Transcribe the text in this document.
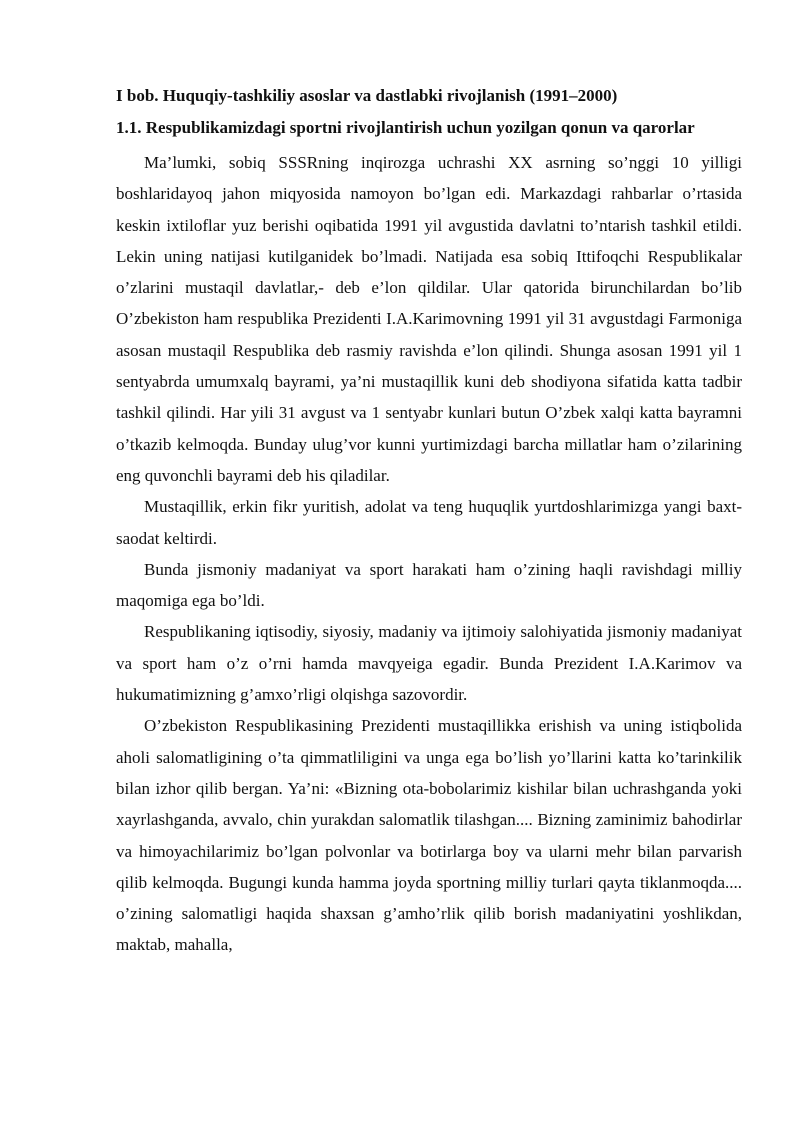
I bob. Huquqiy-tashkiliy asoslar va dastlabki rivojlanish (1991–2000)
1.1. Respublikamizdagi sportni rivojlantirish uchun yozilgan qonun va qarorlar

Ma’lumki, sobiq SSSRning inqirozga uchrashi XX asrning so’nggi 10 yilligi boshlaridayoq jahon miqyosida namoyon bo’lgan edi. Markazdagi rahbarlar o’rtasida keskin ixtiloflar yuz berishi oqibatida 1991 yil avgustida davlatni to’ntarish tashkil etildi. Lekin uning natijasi kutilganidek bo’lmadi. Natijada esa sobiq Ittifoqchi Respublikalar o’zlarini mustaqil davlatlar,- deb e’lon qildilar. Ular qatorida birunchilardan bo’lib O’zbekiston ham respublika Prezidenti I.A.Karimovning 1991 yil 31 avgustdagi Farmoniga asosan mustaqil Respublika deb rasmiy ravishda e’lon qilindi. Shunga asosan 1991 yil 1 sentyabrda umumxalq bayrami, ya’ni mustaqillik kuni deb shodiyona sifatida katta tadbir tashkil qilindi. Har yili 31 avgust va 1 sentyabr kunlari butun O’zbek xalqi katta bayramni o’tkazib kelmoqda. Bunday ulug’vor kunni yurtimizdagi barcha millatlar ham o’zilarining eng quvonchli bayrami deb his qiladilar.

Mustaqillik, erkin fikr yuritish, adolat va teng huquqlik yurtdoshlarimizga yangi baxt-saodat keltirdi.

Bunda jismoniy madaniyat va sport harakati ham o’zining haqli ravishdagi milliy maqomiga ega bo’ldi.

Respublikaning iqtisodiy, siyosiy, madaniy va ijtimoiy salohiyatida jismoniy madaniyat va sport ham o’z o’rni hamda mavqyeiga egadir. Bunda Prezident I.A.Karimov va hukumatimizning g’amxo’rligi olqishga sazovordir.

O’zbekiston Respublikasining Prezidenti mustaqillikka erishish va uning istiqbolida aholi salomatligining o’ta qimmatliligini va unga ega bo’lish yo’llarini katta ko’tarinkilik bilan izhor qilib bergan. Ya’ni: «Bizning ota-bobolarimiz kishilar bilan uchrashganda yoki xayrlashganda, avvalo, chin yurakdan salomatlik tilashgan.... Bizning zaminimiz bahodirlar va himoyachilarimiz bo’lgan polvonlar va botirlarga boy va ularni mehr bilan parvarish qilib kelmoqda. Bugungi kunda hamma joyda sportning milliy turlari qayta tiklanmoqda.... o’zining salomatligi haqida shaxsan g’amho’rlik qilib borish madaniyatini yoshlikdan, maktab, mahalla,
